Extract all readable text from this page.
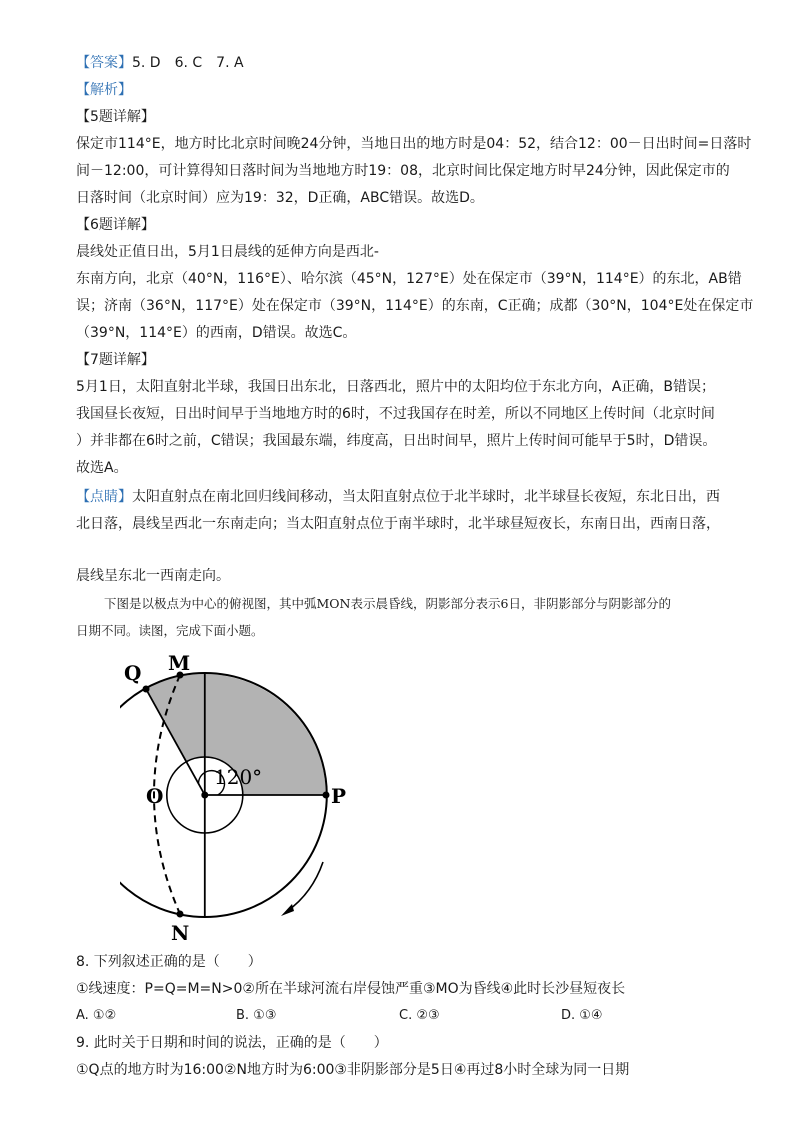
【答案】5. D　6. C　7. A
【解析】
【5题详解】
保定市114°E，地方时比北京时间晚24分钟，当地日出的地方时是04：52，结合12：00－日出时间=日落时
间－12:00，可计算得知日落时间为当地地方时19：08，北京时间比保定地方时早24分钟，因此保定市的
日落时间（北京时间）应为19：32，D正确，ABC错误。故选D。
【6题详解】
晨线处正值日出，5月1日晨线的延伸方向是西北-
东南方向，北京（40°N，116°E）、哈尔滨（45°N，127°E）处在保定市（39°N，114°E）的东北，AB错
误；济南（36°N，117°E）处在保定市（39°N，114°E）的东南，C正确；成都（30°N，104°E处在保定市
（39°N，114°E）的西南，D错误。故选C。
【7题详解】
5月1日，太阳直射北半球，我国日出东北，日落西北，照片中的太阳均位于东北方向，A正确，B错误；
我国昼长夜短，日出时间早于当地地方时的6时，不过我国存在时差，所以不同地区上传时间（北京时间
）并非都在6时之前，C错误；我国最东端，纬度高，日出时间早，照片上传时间可能早于5时，D错误。
故选A。
【点睛】太阳直射点在南北回归线间移动，当太阳直射点位于北半球时，北半球昼长夜短，东北日出，西
北日落，晨线呈西北一东南走向；当太阳直射点位于南半球时，北半球昼短夜长，东南日出，西南日落，
晨线呈东北一西南走向。
下图是以极点为中心的俯视图，其中弧MON表示晨昏线，阴影部分表示6日，非阴影部分与阴影部分的
日期不同。读图，完成下面小题。
Q M
O	P
N
120°
8. 下列叙述正确的是（　　）
①线速度：P=Q=M=N>0②所在半球河流右岸侵蚀严重③MO为昏线④此时长沙昼短夜长
A. ①②	B. ①③	C. ②③	D. ①④
9. 此时关于日期和时间的说法，正确的是（　　）
①Q点的地方时为16:00②N地方时为6:00③非阴影部分是5日④再过8小时全球为同一日期
